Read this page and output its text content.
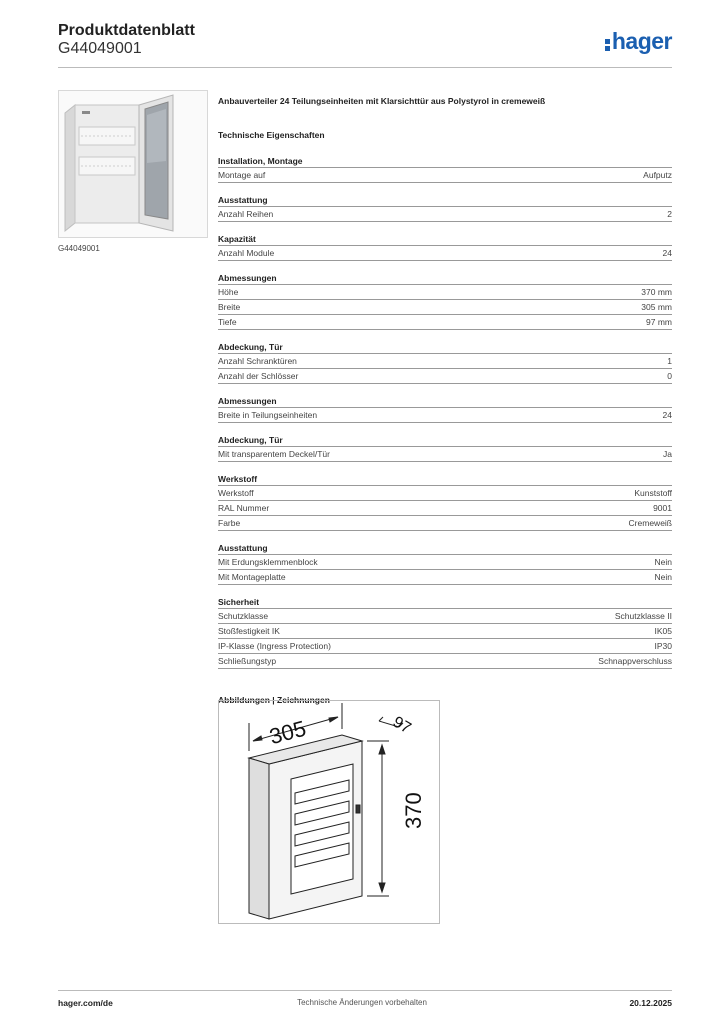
Produktdatenblatt
G44049001	hager
G44049001
Anbauverteiler 24 Teilungseinheiten mit Klarsichttür aus Polystyrol in cremeweiß
Technische Eigenschaften
Installation, Montage
Montage auf	Aufputz
Ausstattung
Anzahl Reihen	2
Kapazität
Anzahl Module	24
Abmessungen
Höhe	370 mm
Breite	305 mm
Tiefe	97 mm
Abdeckung, Tür
Anzahl Schranktüren	1
Anzahl der Schlösser	0
Abmessungen
Breite in Teilungseinheiten	24
Abdeckung, Tür
Mit transparentem Deckel/Tür	Ja
Werkstoff
Werkstoff	Kunststoff
RAL Nummer	9001
Farbe	Cremeweiß
Ausstattung
Mit Erdungsklemmenblock	Nein
Mit Montageplatte	Nein
Sicherheit
Schutzklasse	Schutzklasse II
Stoßfestigkeit IK	IK05
IP-Klasse (Ingress Protection)	IP30
Schließungstyp	Schnappverschluss
Abbildungen | Zeichnungen
305	97
370
hager.com/de	Technische Änderungen vorbehalten	20.12.2025
